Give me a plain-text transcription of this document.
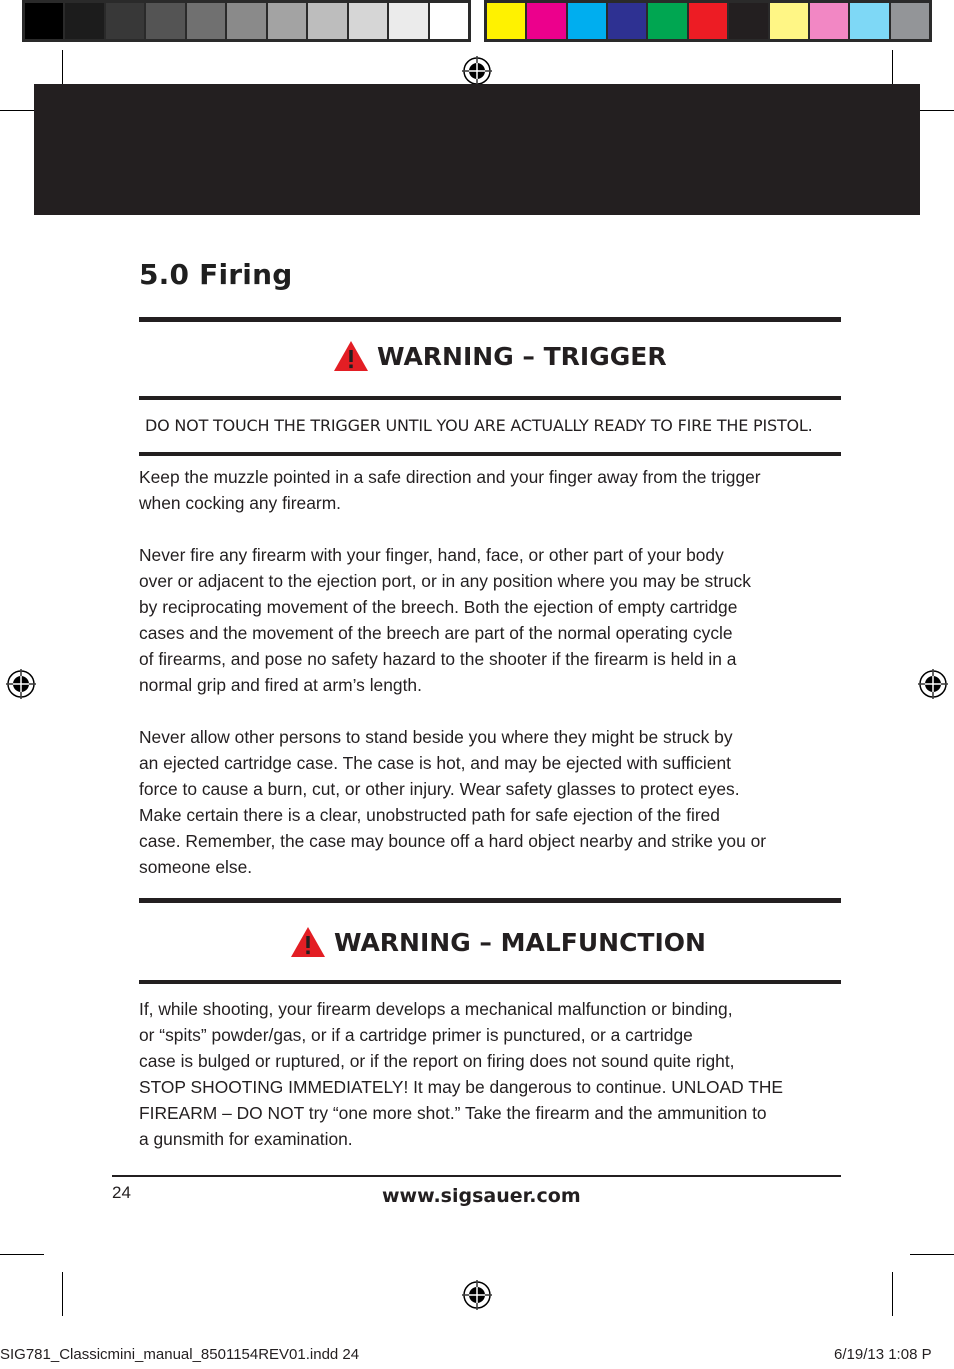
5.0 Firing
WARNING – TRIGGER
DO NOT TOUCH THE TRIGGER UNTIL YOU ARE ACTUALLY READY TO FIRE THE PISTOL.
Keep the muzzle pointed in a safe direction and your finger away from the trigger
when cocking any firearm.
Never fire any firearm with your finger, hand, face, or other part of your body
over or adjacent to the ejection port, or in any position where you may be struck
by reciprocating movement of the breech. Both the ejection of empty cartridge
cases and the movement of the breech are part of the normal operating cycle
of firearms, and pose no safety hazard to the shooter if the firearm is held in a
normal grip and fired at arm’s length.
Never allow other persons to stand beside you where they might be struck by
an ejected cartridge case. The case is hot, and may be ejected with sufficient
force to cause a burn, cut, or other injury. Wear safety glasses to protect eyes.
Make certain there is a clear, unobstructed path for safe ejection of the fired
case. Remember, the case may bounce off a hard object nearby and strike you or
someone else.
WARNING – MALFUNCTION
If, while shooting, your firearm develops a mechanical malfunction or binding,
or “spits” powder/gas, or if a cartridge primer is punctured, or a cartridge
case is bulged or ruptured, or if the report on firing does not sound quite right,
STOP SHOOTING IMMEDIATELY! It may be dangerous to continue. UNLOAD THE
FIREARM – DO NOT try “one more shot.” Take the firearm and the ammunition to
a gunsmith for examination.
24	www.sigsauer.com
SIG781_Classicmini_manual_8501154REV01.indd 24	6/19/13 1:08 P
